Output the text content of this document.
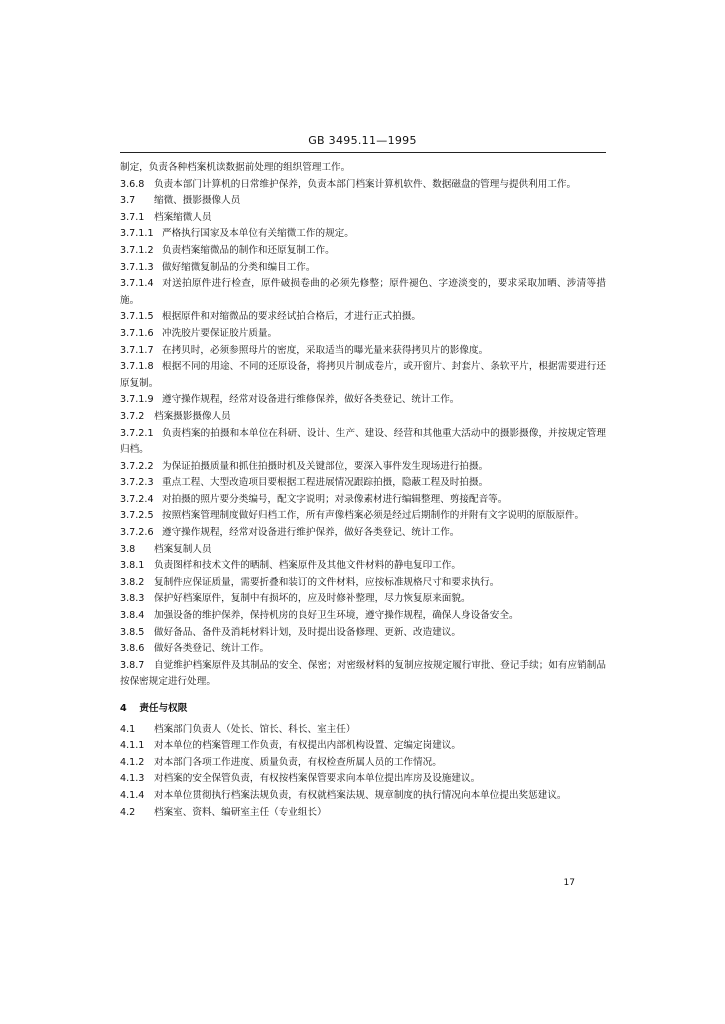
GB 3495.11—1995

制定，负责各种档案机读数据前处理的组织管理工作。

3.6.8 负责本部门计算机的日常维护保养，负责本部门档案计算机软件、数据磁盘的管理与提供利用工作。

3.7 缩微、摄影摄像人员

3.7.1 档案缩微人员

3.7.1.1 严格执行国家及本单位有关缩微工作的规定。

3.7.1.2 负责档案缩微品的制作和还原复制工作。

3.7.1.3 做好缩微复制品的分类和编目工作。

3.7.1.4 对送拍原件进行检查，原件破损卷曲的必须先修整；原件褪色、字迹淡变的，要求采取加晒、涉清等措施。

3.7.1.5 根据原件和对缩微品的要求经试拍合格后，才进行正式拍摄。

3.7.1.6 冲洗胶片要保证胶片质量。

3.7.1.7 在拷贝时，必须参照母片的密度，采取适当的曝光量来获得拷贝片的影像度。

3.7.1.8 根据不同的用途、不同的还原设备，将拷贝片制成卷片，或开窗片、封套片、条软平片，根据需要进行还原复制。

3.7.1.9 遵守操作规程，经常对设备进行维修保养，做好各类登记、统计工作。

3.7.2 档案摄影摄像人员

3.7.2.1 负责档案的拍摄和本单位在科研、设计、生产、建设、经营和其他重大活动中的摄影摄像，并按规定管理归档。

3.7.2.2 为保证拍摄质量和抓住拍摄时机及关键部位，要深入事件发生现场进行拍摄。

3.7.2.3 重点工程、大型改造项目要根据工程进展情况跟踪拍摄，隐蔽工程及时拍摄。

3.7.2.4 对拍摄的照片要分类编号，配文字说明；对录像素材进行编辑整理、剪接配音等。

3.7.2.5 按照档案管理制度做好归档工作，所有声像档案必须是经过后期制作的并附有文字说明的原版原件。

3.7.2.6 遵守操作规程，经常对设备进行维护保养，做好各类登记、统计工作。

3.8 档案复制人员

3.8.1 负责图样和技术文件的晒制、档案原件及其他文件材料的静电复印工作。

3.8.2 复制件应保证质量，需要折叠和装订的文件材料，应按标准规格尺寸和要求执行。

3.8.3 保护好档案原件，复制中有损坏的，应及时修补整理，尽力恢复原来面貌。

3.8.4 加强设备的维护保养，保持机房的良好卫生环境，遵守操作规程，确保人身设备安全。

3.8.5 做好备品、备件及消耗材料计划，及时提出设备修理、更新、改造建议。

3.8.6 做好各类登记、统计工作。

3.8.7 自觉维护档案原件及其制品的安全、保密；对密级材料的复制应按规定履行审批、登记手续；如有应销制品按保密规定进行处理。

4 责任与权限

4.1 档案部门负责人（处长、馆长、科长、室主任）

4.1.1 对本单位的档案管理工作负责，有权提出内部机构设置、定编定岗建议。

4.1.2 对本部门各项工作进度、质量负责，有权检查所属人员的工作情况。

4.1.3 对档案的安全保管负责，有权按档案保管要求向本单位提出库房及设施建议。

4.1.4 对本单位贯彻执行档案法规负责，有权就档案法规、规章制度的执行情况向本单位提出奖惩建议。

4.2 档案室、资料、编研室主任（专业组长）

17
